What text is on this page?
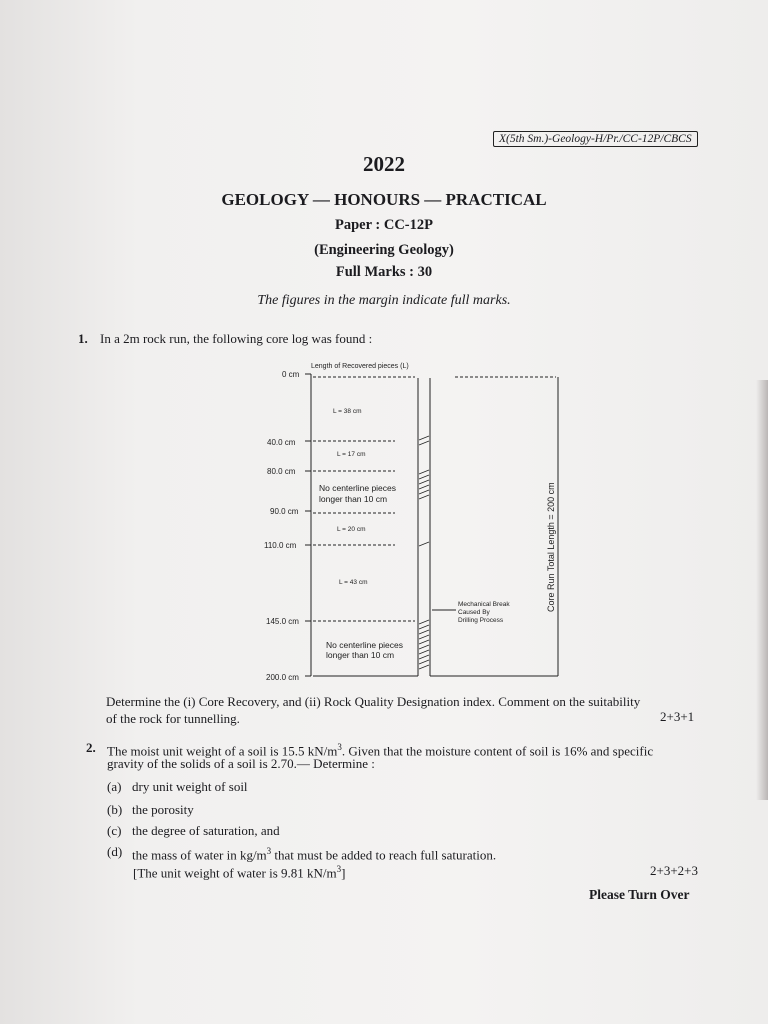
X(5th Sm.)-Geology-H/Pr./CC-12P/CBCS
2022
GEOLOGY — HONOURS — PRACTICAL
Paper : CC-12P
(Engineering Geology)
Full Marks : 30
The figures in the margin indicate full marks.
1. In a 2m rock run, the following core log was found :
Length of Recovered pieces (L)
0 cm
40.0 cm
80.0 cm
90.0 cm
110.0 cm
145.0 cm
200.0 cm
L = 38 cm
L = 17 cm
L = 20 cm
L = 43 cm
No centerline pieces
longer than 10 cm
No centerline pieces
longer than 10 cm
Mechanical Break
Caused By
Drilling Process
Core Run Total Length = 200 cm
Determine the (i) Core Recovery, and (ii) Rock Quality Designation index. Comment on the suitability
of the rock for tunnelling.	2+3+1
2. The moist unit weight of a soil is 15.5 $kN/m^3$. Given that the moisture content of soil is 16% and specific
gravity of the solids of a soil is 2.70.— Determine :
(a) dry unit weight of soil
(b) the porosity
(c) the degree of saturation, and
(d) the mass of water in $kg/m^3$ that must be added to reach full saturation.
[The unit weight of water is 9.81 $kN/m^3$]	2+3+2+3
Please Turn Over
